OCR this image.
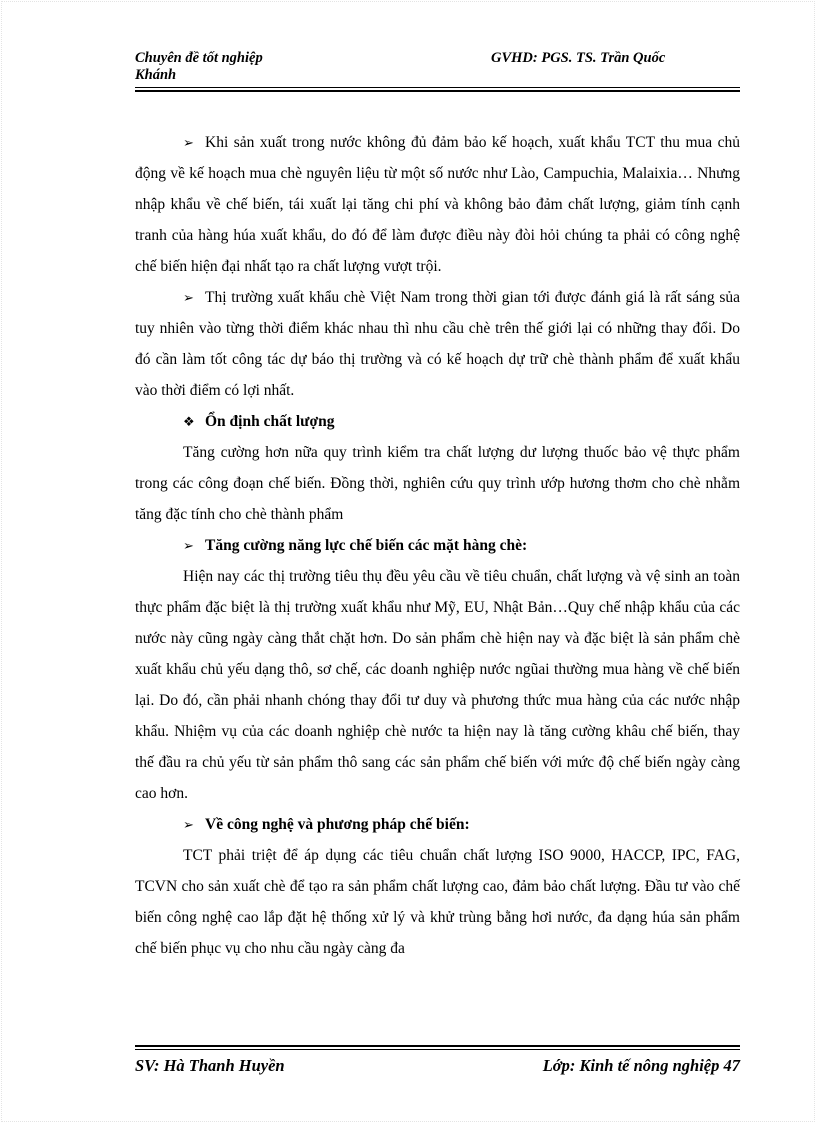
Chuyên đề tốt nghiệp	GVHD: PGS. TS. Trần Quốc
Khánh

➢ Khi sản xuất trong nước không đủ đảm bảo kế hoạch, xuất khẩu TCT thu mua chủ động về kế hoạch mua chè nguyên liệu từ một số nước như Lào, Campuchia, Malaixia… Nhưng nhập khẩu về chế biến, tái xuất lại tăng chi phí và không bảo đảm chất lượng, giảm tính cạnh tranh của hàng húa xuất khẩu, do đó để làm được điều này đòi hỏi chúng ta phải có công nghệ chế biến hiện đại nhất tạo ra chất lượng vượt trội.

➢ Thị trường xuất khẩu chè Việt Nam trong thời gian tới được đánh giá là rất sáng sủa tuy nhiên vào từng thời điểm khác nhau thì nhu cầu chè trên thế giới lại có những thay đổi. Do đó cần làm tốt công tác dự báo thị trường và có kế hoạch dự trữ chè thành phẩm để xuất khẩu vào thời điểm có lợi nhất.

❖ Ổn định chất lượng

Tăng cường hơn nữa quy trình kiểm tra chất lượng dư lượng thuốc bảo vệ thực phẩm trong các công đoạn chế biến. Đồng thời, nghiên cứu quy trình ướp hương thơm cho chè nhằm tăng đặc tính cho chè thành phẩm

➢ Tăng cường năng lực chế biến các mặt hàng chè:

Hiện nay các thị trường tiêu thụ đều yêu cầu về tiêu chuẩn, chất lượng và vệ sinh an toàn thực phẩm đặc biệt là thị trường xuất khẩu như Mỹ, EU, Nhật Bản…Quy chế nhập khẩu của các nước này cũng ngày càng thắt chặt hơn. Do sản phẩm chè hiện nay và đặc biệt là sản phẩm chè xuất khẩu chủ yếu dạng thô, sơ chế, các doanh nghiệp nước ngũai thường mua hàng về chế biến lại. Do đó, cần phải nhanh chóng thay đổi tư duy và phương thức mua hàng của các nước nhập khẩu. Nhiệm vụ của các doanh nghiệp chè nước ta hiện nay là tăng cường khâu chế biến, thay thế đầu ra chủ yếu từ sản phẩm thô sang các sản phẩm chế biến với mức độ chế biến ngày càng cao hơn.

➢ Về công nghệ và phương pháp chế biến:

TCT phải triệt để áp dụng các tiêu chuẩn chất lượng ISO 9000, HACCP, IPC, FAG, TCVN cho sản xuất chè để tạo ra sản phẩm chất lượng cao, đảm bảo chất lượng. Đầu tư vào chế biến công nghệ cao lắp đặt hệ thống xử lý và khử trùng bằng hơi nước, đa dạng húa sản phẩm chế biến phục vụ cho nhu cầu ngày càng đa

SV: Hà Thanh Huyền	Lớp: Kinh tế nông nghiệp 47
